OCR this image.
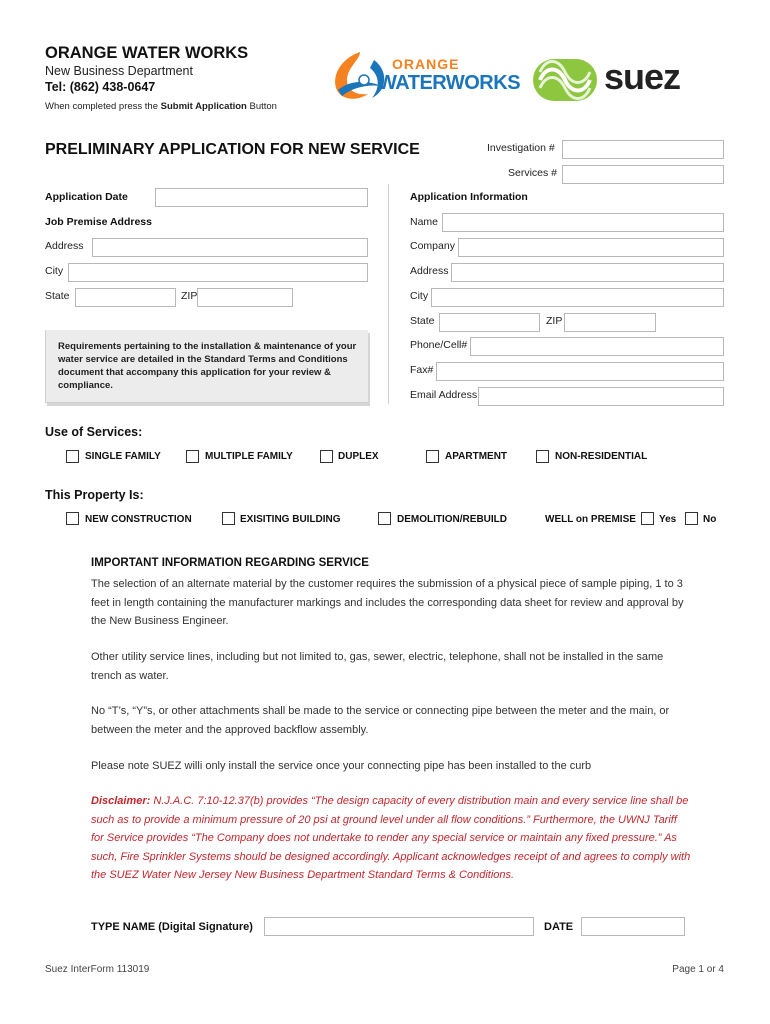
ORANGE WATER WORKS
New Business Department
Tel: (862) 438-0647
When completed press the Submit Application Button
ORANGE
WATERWORKS suez
PRELIMINARY APPLICATION FOR NEW SERVICE	Investigation #
Services #
Application Date
Job Premise Address
Address
City
State	ZIP
Requirements pertaining to the installation & maintenance of your water service are detailed in the Standard Terms and Conditions document that accompany this application for your review & compliance.
Application Information
Name
Company
Address
City
State	ZIP
Phone/Cell#
Fax#
Email Address
Use of Services:
SINGLE FAMILY	MULTIPLE FAMILY	DUPLEX	APARTMENT	NON-RESIDENTIAL
This Property Is:
NEW CONSTRUCTION	EXISITING BUILDING	DEMOLITION/REBUILD	WELL on PREMISE Yes	No
IMPORTANT INFORMATION REGARDING SERVICE
The selection of an alternate material by the customer requires the submission of a physical piece of sample piping, 1 to 3 feet in length containing the manufacturer markings and includes the corresponding data sheet for review and approval by the New Business Engineer.
Other utility service lines, including but not limited to, gas, sewer, electric, telephone, shall not be installed in the same trench as water.
No “T’s, “Y”s, or other attachments shall be made to the service or connecting pipe between the meter and the main, or between the meter and the approved backflow assembly.
Please note SUEZ willi only install the service once your connecting pipe has been installed to the curb
Disclaimer: N.J.A.C. 7:10-12.37(b) provides “The design capacity of every distribution main and every service line shall be such as to provide a minimum pressure of 20 psi at ground level under all flow conditions.” Furthermore, the UWNJ Tariff for Service provides “The Company does not undertake to render any special service or maintain any fixed pressure.” As such, Fire Sprinkler Systems should be designed accordingly. Applicant acknowledges receipt of and agrees to comply with the SUEZ Water New Jersey New Business Department Standard Terms & Conditions.
TYPE NAME (Digital Signature)	DATE
Suez InterForm 113019	Page 1 or 4
